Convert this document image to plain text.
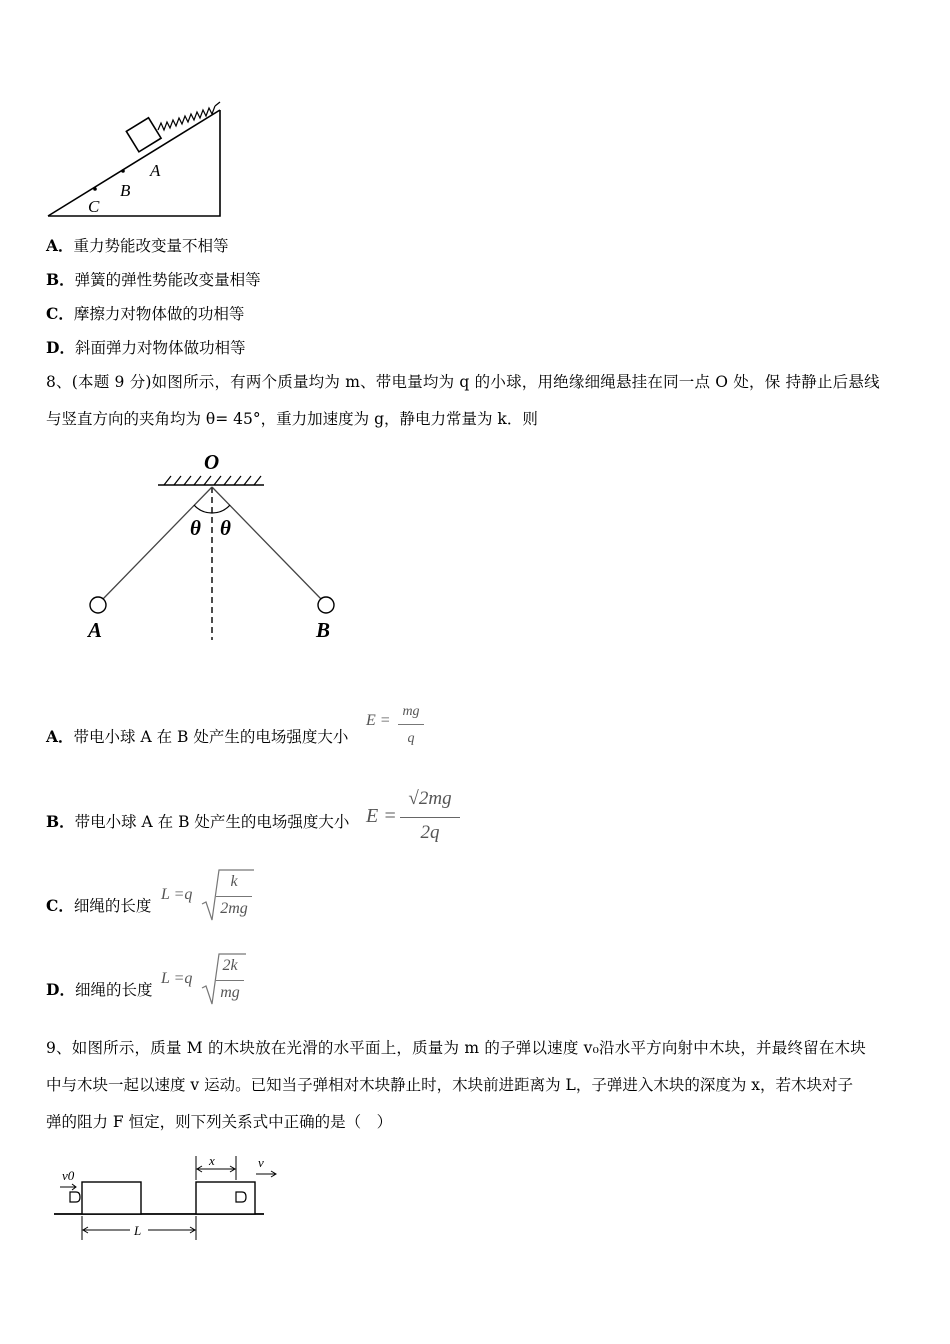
A
B
C
A．重力势能改变量不相等
B．弹簧的弹性势能改变量相等
C．摩擦力对物体做的功相等
D．斜面弹力对物体做功相等
8、(本题 9 分)如图所示，有两个质量均为 m、带电量均为 q 的小球，用绝缘细绳悬挂在同一点 O 处，保 持静止后悬线
与竖直方向的夹角均为 θ= 45°，重力加速度为 g，静电力常量为 k．则
O
θ θ
A	B
A．带电小球 A 在 B 处产生的电场强度大小
E =
mg
q
B．带电小球 A 在 B 处产生的电场强度大小 E =
√2mg
2q
C．细绳的长度
L =q
k
2mg
D．细绳的长度
L =q
2k
mg
9、如图所示，质量 M 的木块放在光滑的水平面上，质量为 m 的子弹以速度 v₀沿水平方向射中木块，并最终留在木块
中与木块一起以速度 v 运动。已知当子弹相对木块静止时，木块前进距离为 L，子弹进入木块的深度为 x，若木块对子
弹的阻力 F 恒定，则下列关系式中正确的是（　）
v0
x	v
L
